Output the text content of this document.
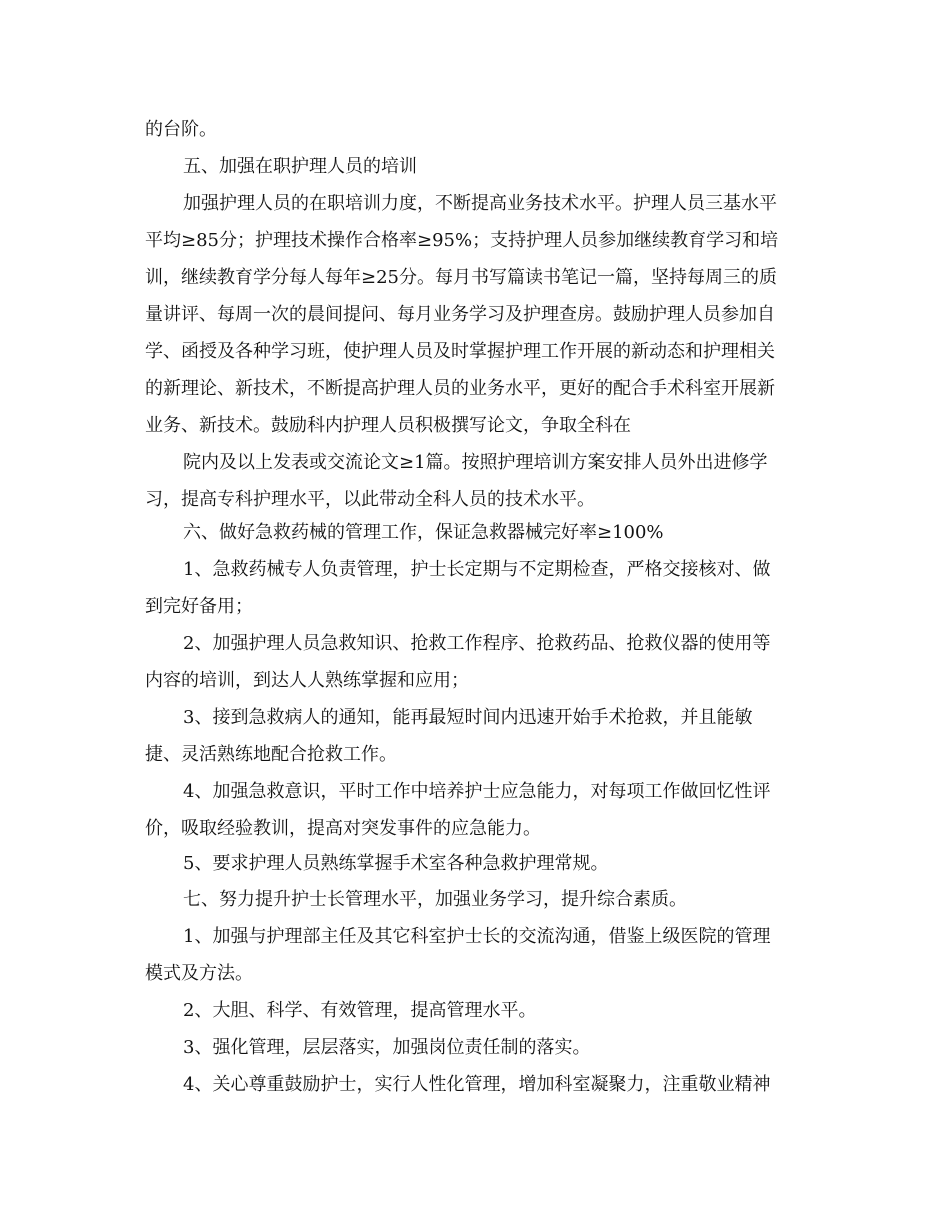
的台阶。
五、加强在职护理人员的培训
加强护理人员的在职培训力度，不断提高业务技术水平。护理人员三基水平
平均≥85分；护理技术操作合格率≥95%；支持护理人员参加继续教育学习和培
训，继续教育学分每人每年≥25分。每月书写篇读书笔记一篇，坚持每周三的质
量讲评、每周一次的晨间提问、每月业务学习及护理查房。鼓励护理人员参加自
学、函授及各种学习班，使护理人员及时掌握护理工作开展的新动态和护理相关
的新理论、新技术，不断提高护理人员的业务水平，更好的配合手术科室开展新
业务、新技术。鼓励科内护理人员积极撰写论文，争取全科在
院内及以上发表或交流论文≥1篇。按照护理培训方案安排人员外出进修学
习，提高专科护理水平，以此带动全科人员的技术水平。
六、做好急救药械的管理工作，保证急救器械完好率≥100%
1、急救药械专人负责管理，护士长定期与不定期检查，严格交接核对、做
到完好备用；
2、加强护理人员急救知识、抢救工作程序、抢救药品、抢救仪器的使用等
内容的培训，到达人人熟练掌握和应用；
3、接到急救病人的通知，能再最短时间内迅速开始手术抢救，并且能敏
捷、灵活熟练地配合抢救工作。
4、加强急救意识，平时工作中培养护士应急能力，对每项工作做回忆性评
价，吸取经验教训，提高对突发事件的应急能力。
5、要求护理人员熟练掌握手术室各种急救护理常规。
七、努力提升护士长管理水平，加强业务学习，提升综合素质。
1、加强与护理部主任及其它科室护士长的交流沟通，借鉴上级医院的管理
模式及方法。
2、大胆、科学、有效管理，提高管理水平。
3、强化管理，层层落实，加强岗位责任制的落实。
4、关心尊重鼓励护士，实行人性化管理，增加科室凝聚力，注重敬业精神
